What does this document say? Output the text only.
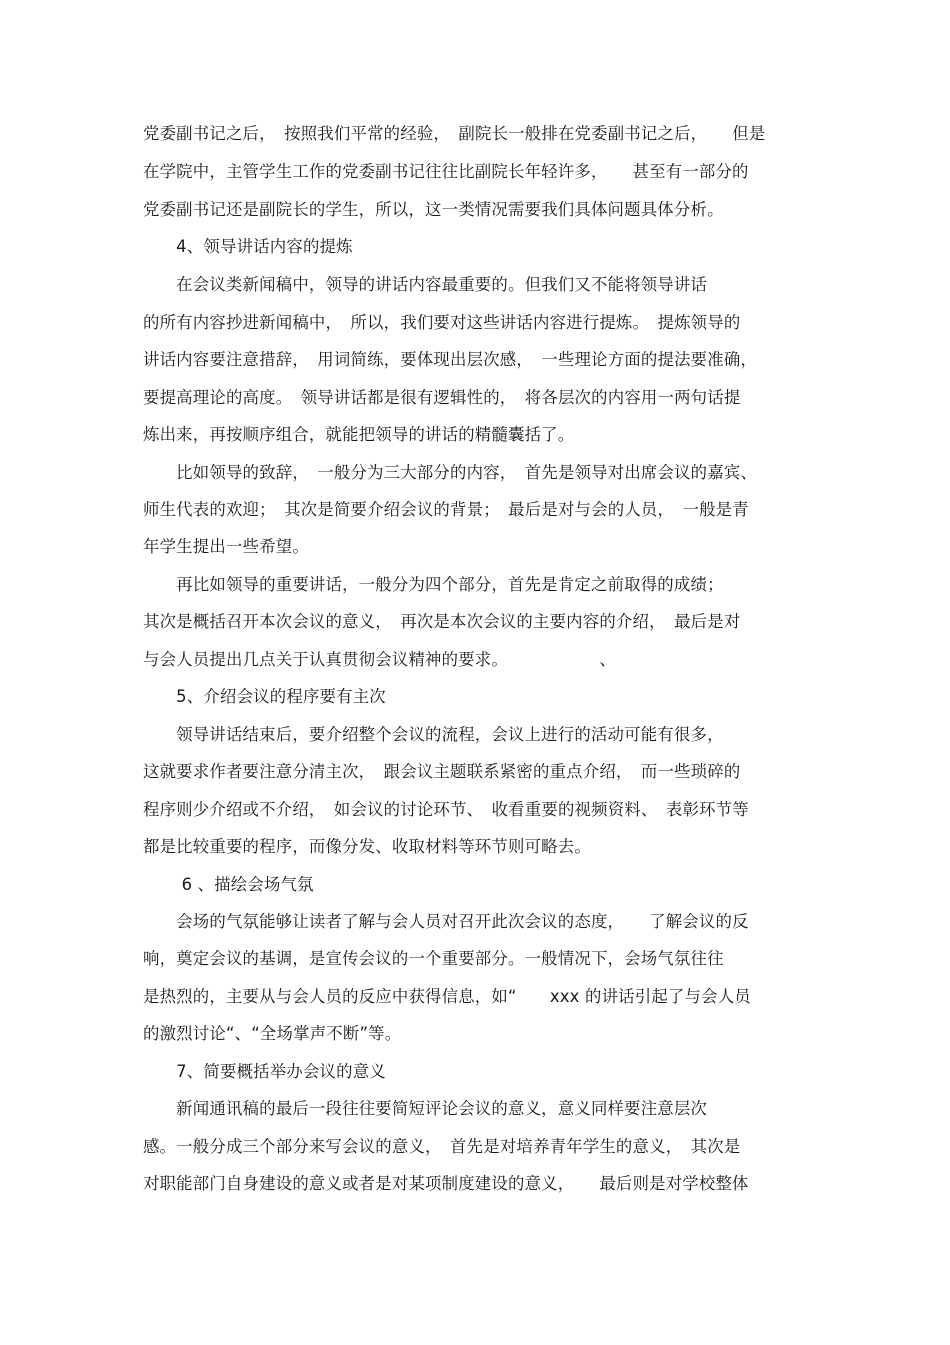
党委副书记之后，　按照我们平常的经验，　副院长一般排在党委副书记之后，　　但是
在学院中，主管学生工作的党委副书记往往比副院长年轻许多，　　甚至有一部分的
党委副书记还是副院长的学生，所以，这一类情况需要我们具体问题具体分析。
　　4、领导讲话内容的提炼
　　在会议类新闻稿中，领导的讲话内容最重要的。但我们又不能将领导讲话
的所有内容抄进新闻稿中，　所以，我们要对这些讲话内容进行提炼。　提炼领导的
讲话内容要注意措辞，　用词简练，要体现出层次感，　一些理论方面的提法要准确，
要提高理论的高度。　领导讲话都是很有逻辑性的，　将各层次的内容用一两句话提
炼出来，再按顺序组合，就能把领导的讲话的精髓囊括了。
　　比如领导的致辞，　一般分为三大部分的内容，　首先是领导对出席会议的嘉宾、
师生代表的欢迎；　其次是简要介绍会议的背景；　最后是对与会的人员，　一般是青
年学生提出一些希望。
　　再比如领导的重要讲话，一般分为四个部分，首先是肯定之前取得的成绩；
其次是概括召开本次会议的意义，　再次是本次会议的主要内容的介绍，　最后是对
与会人员提出几点关于认真贯彻会议精神的要求。　　　　　　、
　　5、介绍会议的程序要有主次
　　领导讲话结束后，要介绍整个会议的流程，会议上进行的活动可能有很多，
这就要求作者要注意分清主次，　跟会议主题联系紧密的重点介绍，　而一些琐碎的
程序则少介绍或不介绍，　如会议的讨论环节、　收看重要的视频资料、　表彰环节等
都是比较重要的程序，而像分发、收取材料等环节则可略去。
　　 6 、描绘会场气氛
　　会场的气氛能够让读者了解与会人员对召开此次会议的态度，　　了解会议的反
响，奠定会议的基调，是宣传会议的一个重要部分。一般情况下，会场气氛往往
是热烈的，主要从与会人员的反应中获得信息，如“　　xxx 的讲话引起了与会人员
的激烈讨论“、“全场掌声不断”等。
　　7、简要概括举办会议的意义
　　新闻通讯稿的最后一段往往要简短评论会议的意义，意义同样要注意层次
感。一般分成三个部分来写会议的意义，　首先是对培养青年学生的意义，　其次是
对职能部门自身建设的意义或者是对某项制度建设的意义，　　最后则是对学校整体
